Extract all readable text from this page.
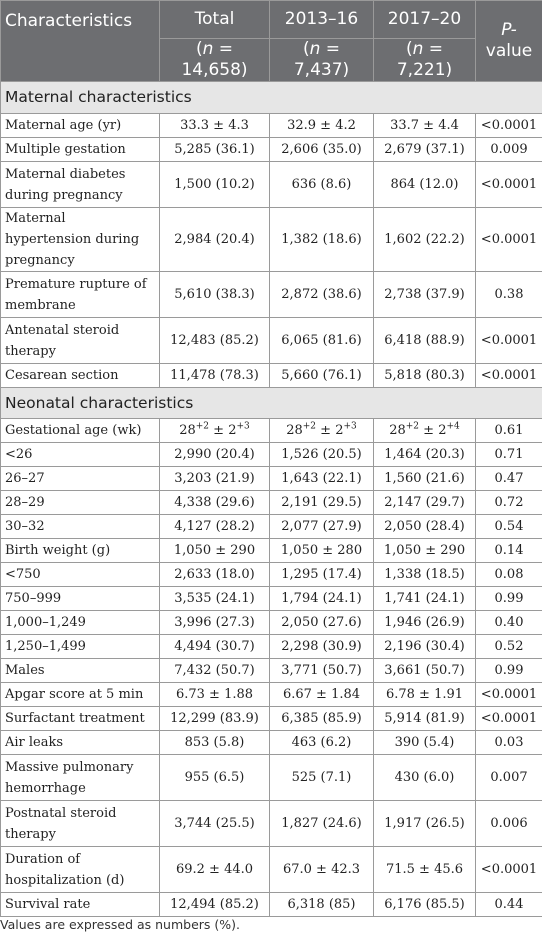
Characteristics	Total	2013–16	2017–20	P-
value

	(n = 14,658)	(n = 7,437)	(n = 7,221)	
Maternal characteristics				
Maternal age (yr)	33.3 ± 4.3	32.9 ± 4.2	33.7 ± 4.4	<0.0001
Multiple gestation	5,285 (36.1)	2,606 (35.0)	2,679 (37.1)	0.009
Maternal diabetes during pregnancy	1,500 (10.2)	636 (8.6)	864 (12.0)	<0.0001
Maternal hypertension during pregnancy	2,984 (20.4)	1,382 (18.6)	1,602 (22.2)	<0.0001
Premature rupture of membrane	5,610 (38.3)	2,872 (38.6)	2,738 (37.9)	0.38
Antenatal steroid therapy	12,483 (85.2)	6,065 (81.6)	6,418 (88.9)	<0.0001
Cesarean section	11,478 (78.3)	5,660 (76.1)	5,818 (80.3)	<0.0001
Neonatal characteristics				
Gestational age (wk)	$28^{+2} \pm 2^{+3}$	$28^{+2} \pm 2^{+3}$	$28^{+2} \pm 2^{+4}$	0.61
<26	2,990 (20.4)	1,526 (20.5)	1,464 (20.3)	0.71
26–27	3,203 (21.9)	1,643 (22.1)	1,560 (21.6)	0.47
28–29	4,338 (29.6)	2,191 (29.5)	2,147 (29.7)	0.72
30–32	4,127 (28.2)	2,077 (27.9)	2,050 (28.4)	0.54
Birth weight (g)	1,050 ± 290	1,050 ± 280	1,050 ± 290	0.14
<750	2,633 (18.0)	1,295 (17.4)	1,338 (18.5)	0.08
750–999	3,535 (24.1)	1,794 (24.1)	1,741 (24.1)	0.99
1,000–1,249	3,996 (27.3)	2,050 (27.6)	1,946 (26.9)	0.40
1,250–1,499	4,494 (30.7)	2,298 (30.9)	2,196 (30.4)	0.52
Males	7,432 (50.7)	3,771 (50.7)	3,661 (50.7)	0.99
Apgar score at 5 min	6.73 ± 1.88	6.67 ± 1.84	6.78 ± 1.91	<0.0001
Surfactant treatment	12,299 (83.9)	6,385 (85.9)	5,914 (81.9)	<0.0001
Air leaks	853 (5.8)	463 (6.2)	390 (5.4)	0.03
Massive pulmonary hemorrhage	955 (6.5)	525 (7.1)	430 (6.0)	0.007
Postnatal steroid therapy	3,744 (25.5)	1,827 (24.6)	1,917 (26.5)	0.006
Duration of hospitalization (d)	69.2 ± 44.0	67.0 ± 42.3	71.5 ± 45.6	<0.0001
Survival rate	12,494 (85.2)	6,318 (85)	6,176 (85.5)	0.44
Values are expressed as numbers (%).
